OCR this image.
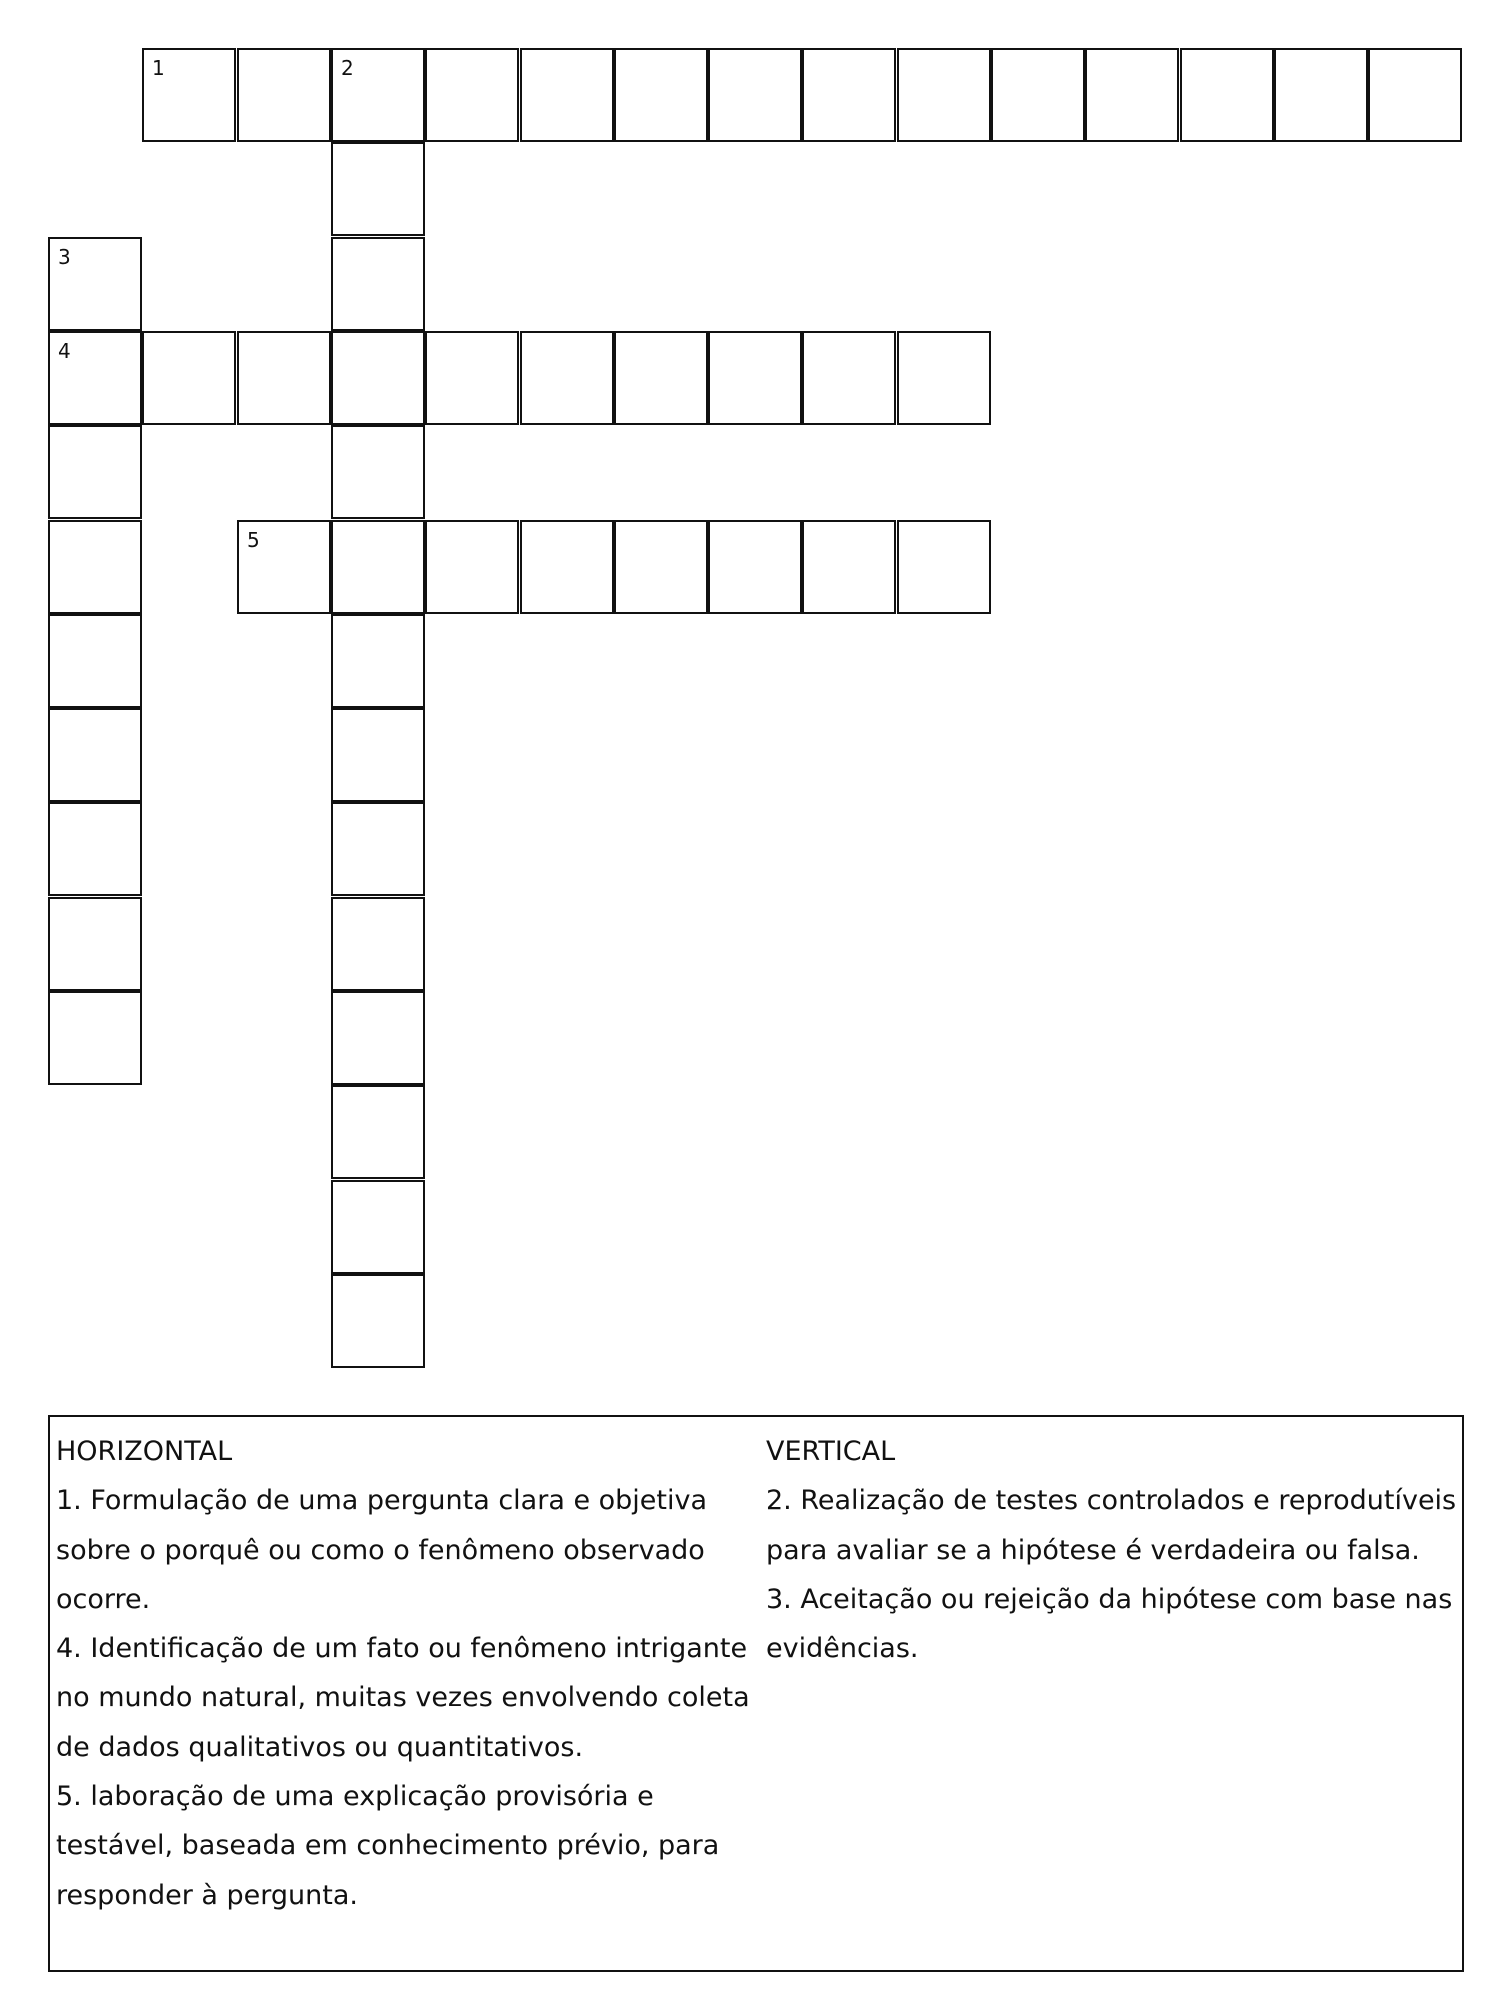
1	2
3
4
5

HORIZONTAL

1. Formulação de uma pergunta clara e objetiva sobre o porquê ou como o fenômeno observado ocorre.

4. Identificação de um fato ou fenômeno intrigante no mundo natural, muitas vezes envolvendo coleta de dados qualitativos ou quantitativos.

5. laboração de uma explicação provisória e testável, baseada em conhecimento prévio, para responder à pergunta.

VERTICAL

2. Realização de testes controlados e reprodutíveis para avaliar se a hipótese é verdadeira ou falsa.

3. Aceitação ou rejeição da hipótese com base nas evidências.
